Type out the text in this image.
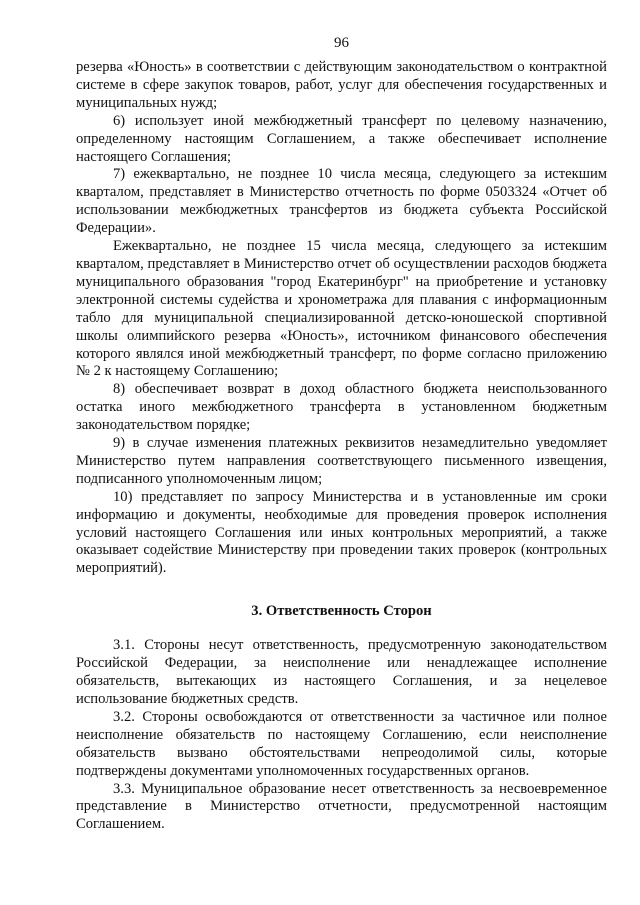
96

резерва «Юность» в соответствии с действующим законодательством о контрактной системе в сфере закупок товаров, работ, услуг для обеспечения государственных и муниципальных нужд;

6) использует иной межбюджетный трансферт по целевому назначению, определенному настоящим Соглашением, а также обеспечивает исполнение настоящего Соглашения;

7) ежеквартально, не позднее 10 числа месяца, следующего за истекшим кварталом, представляет в Министерство отчетность по форме 0503324 «Отчет об использовании межбюджетных трансфертов из бюджета субъекта Российской Федерации».

Ежеквартально, не позднее 15 числа месяца, следующего за истекшим кварталом, представляет в Министерство отчет об осуществлении расходов бюджета муниципального образования "город Екатеринбург" на приобретение и установку электронной системы судейства и хронометража для плавания с информационным табло для муниципальной специализированной детско-юношеской спортивной школы олимпийского резерва «Юность», источником финансового обеспечения которого являлся иной межбюджетный трансферт, по форме согласно приложению № 2 к настоящему Соглашению;

8) обеспечивает возврат в доход областного бюджета неиспользованного остатка иного межбюджетного трансферта в установленном бюджетным законодательством порядке;

9) в случае изменения платежных реквизитов незамедлительно уведомляет Министерство путем направления соответствующего письменного извещения, подписанного уполномоченным лицом;

10) представляет по запросу Министерства и в установленные им сроки информацию и документы, необходимые для проведения проверок исполнения условий настоящего Соглашения или иных контрольных мероприятий, а также оказывает содействие Министерству при проведении таких проверок (контрольных мероприятий).

3. Ответственность Сторон

3.1. Стороны несут ответственность, предусмотренную законодательством Российской Федерации, за неисполнение или ненадлежащее исполнение обязательств, вытекающих из настоящего Соглашения, и за нецелевое использование бюджетных средств.

3.2. Стороны освобождаются от ответственности за частичное или полное неисполнение обязательств по настоящему Соглашению, если неисполнение обязательств вызвано обстоятельствами непреодолимой силы, которые подтверждены документами уполномоченных государственных органов.

3.3. Муниципальное образование несет ответственность за несвоевременное представление в Министерство отчетности, предусмотренной настоящим Соглашением.
